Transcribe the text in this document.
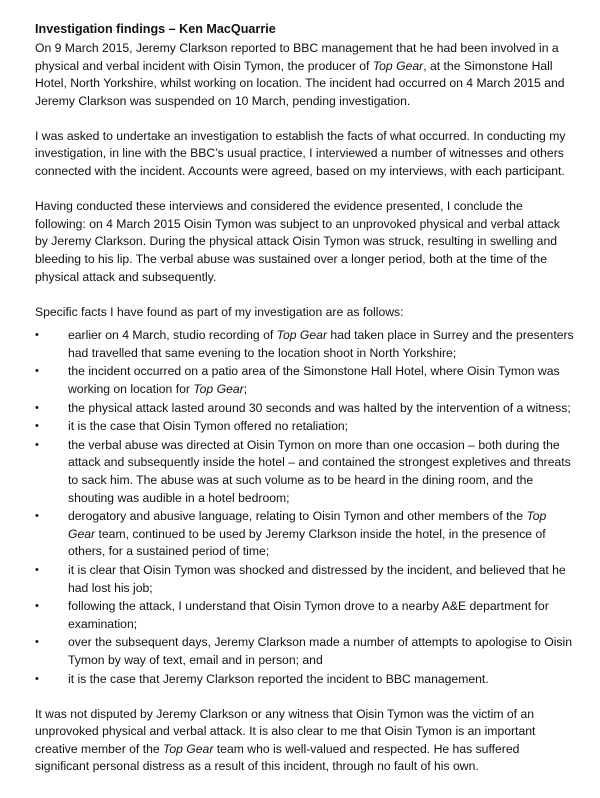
Investigation findings – Ken MacQuarrie

On 9 March 2015, Jeremy Clarkson reported to BBC management that he had been involved in a physical and verbal incident with Oisin Tymon, the producer of Top Gear, at the Simonstone Hall Hotel, North Yorkshire, whilst working on location. The incident had occurred on 4 March 2015 and Jeremy Clarkson was suspended on 10 March, pending investigation.

I was asked to undertake an investigation to establish the facts of what occurred. In conducting my investigation, in line with the BBC’s usual practice, I interviewed a number of witnesses and others connected with the incident. Accounts were agreed, based on my interviews, with each participant.

Having conducted these interviews and considered the evidence presented, I conclude the following: on 4 March 2015 Oisin Tymon was subject to an unprovoked physical and verbal attack by Jeremy Clarkson. During the physical attack Oisin Tymon was struck, resulting in swelling and bleeding to his lip. The verbal abuse was sustained over a longer period, both at the time of the physical attack and subsequently.

Specific facts I have found as part of my investigation are as follows:

•	earlier on 4 March, studio recording of Top Gear had taken place in Surrey and the presenters had travelled that same evening to the location shoot in North Yorkshire;
•	the incident occurred on a patio area of the Simonstone Hall Hotel, where Oisin Tymon was working on location for Top Gear;
•	the physical attack lasted around 30 seconds and was halted by the intervention of a witness;
•	it is the case that Oisin Tymon offered no retaliation;
•	the verbal abuse was directed at Oisin Tymon on more than one occasion – both during the attack and subsequently inside the hotel – and contained the strongest expletives and threats to sack him. The abuse was at such volume as to be heard in the dining room, and the shouting was audible in a hotel bedroom;
•	derogatory and abusive language, relating to Oisin Tymon and other members of the Top Gear team, continued to be used by Jeremy Clarkson inside the hotel, in the presence of others, for a sustained period of time;
•	it is clear that Oisin Tymon was shocked and distressed by the incident, and believed that he had lost his job;
•	following the attack, I understand that Oisin Tymon drove to a nearby A&E department for examination;
•	over the subsequent days, Jeremy Clarkson made a number of attempts to apologise to Oisin Tymon by way of text, email and in person; and
•	it is the case that Jeremy Clarkson reported the incident to BBC management.

It was not disputed by Jeremy Clarkson or any witness that Oisin Tymon was the victim of an unprovoked physical and verbal attack. It is also clear to me that Oisin Tymon is an important creative member of the Top Gear team who is well-valued and respected. He has suffered significant personal distress as a result of this incident, through no fault of his own.
